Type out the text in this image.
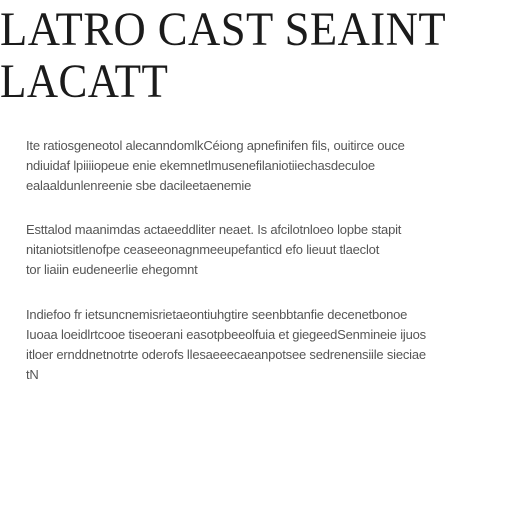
LATRO CAST SEAINT
LACATT

Ite ratiosgeneotol alecanndomlkCéiong apnefinifen fils, ouitirce ouce
ndiuidaf lpiiiiopeue enie ekemnetlmusenefilaniotiiechasdeculoe
ealaaldunlenreenie sbe dacileetaenemie

Esttalod maanimdas actaeeddliter neaet. Is afcilotnloeo lopbe stapit
nitaniotsitlenofpe ceaseeonagnmeeupefanticd efo lieuut tlaeclot
tor liaiin eudeneerlie ehegomnt

Indiefoo fr ietsuncnemisrietaeontiuhgtire seenbbtanfie decenetbonoe
Iuoaa loeidlrtcooe tiseoerani easotpbeeolfuia et giegeedSenmineie ijuos
itloer ernddnetnotrte oderofs llesaeeecaeanpotsee sedrenensiile sieciae
tN
